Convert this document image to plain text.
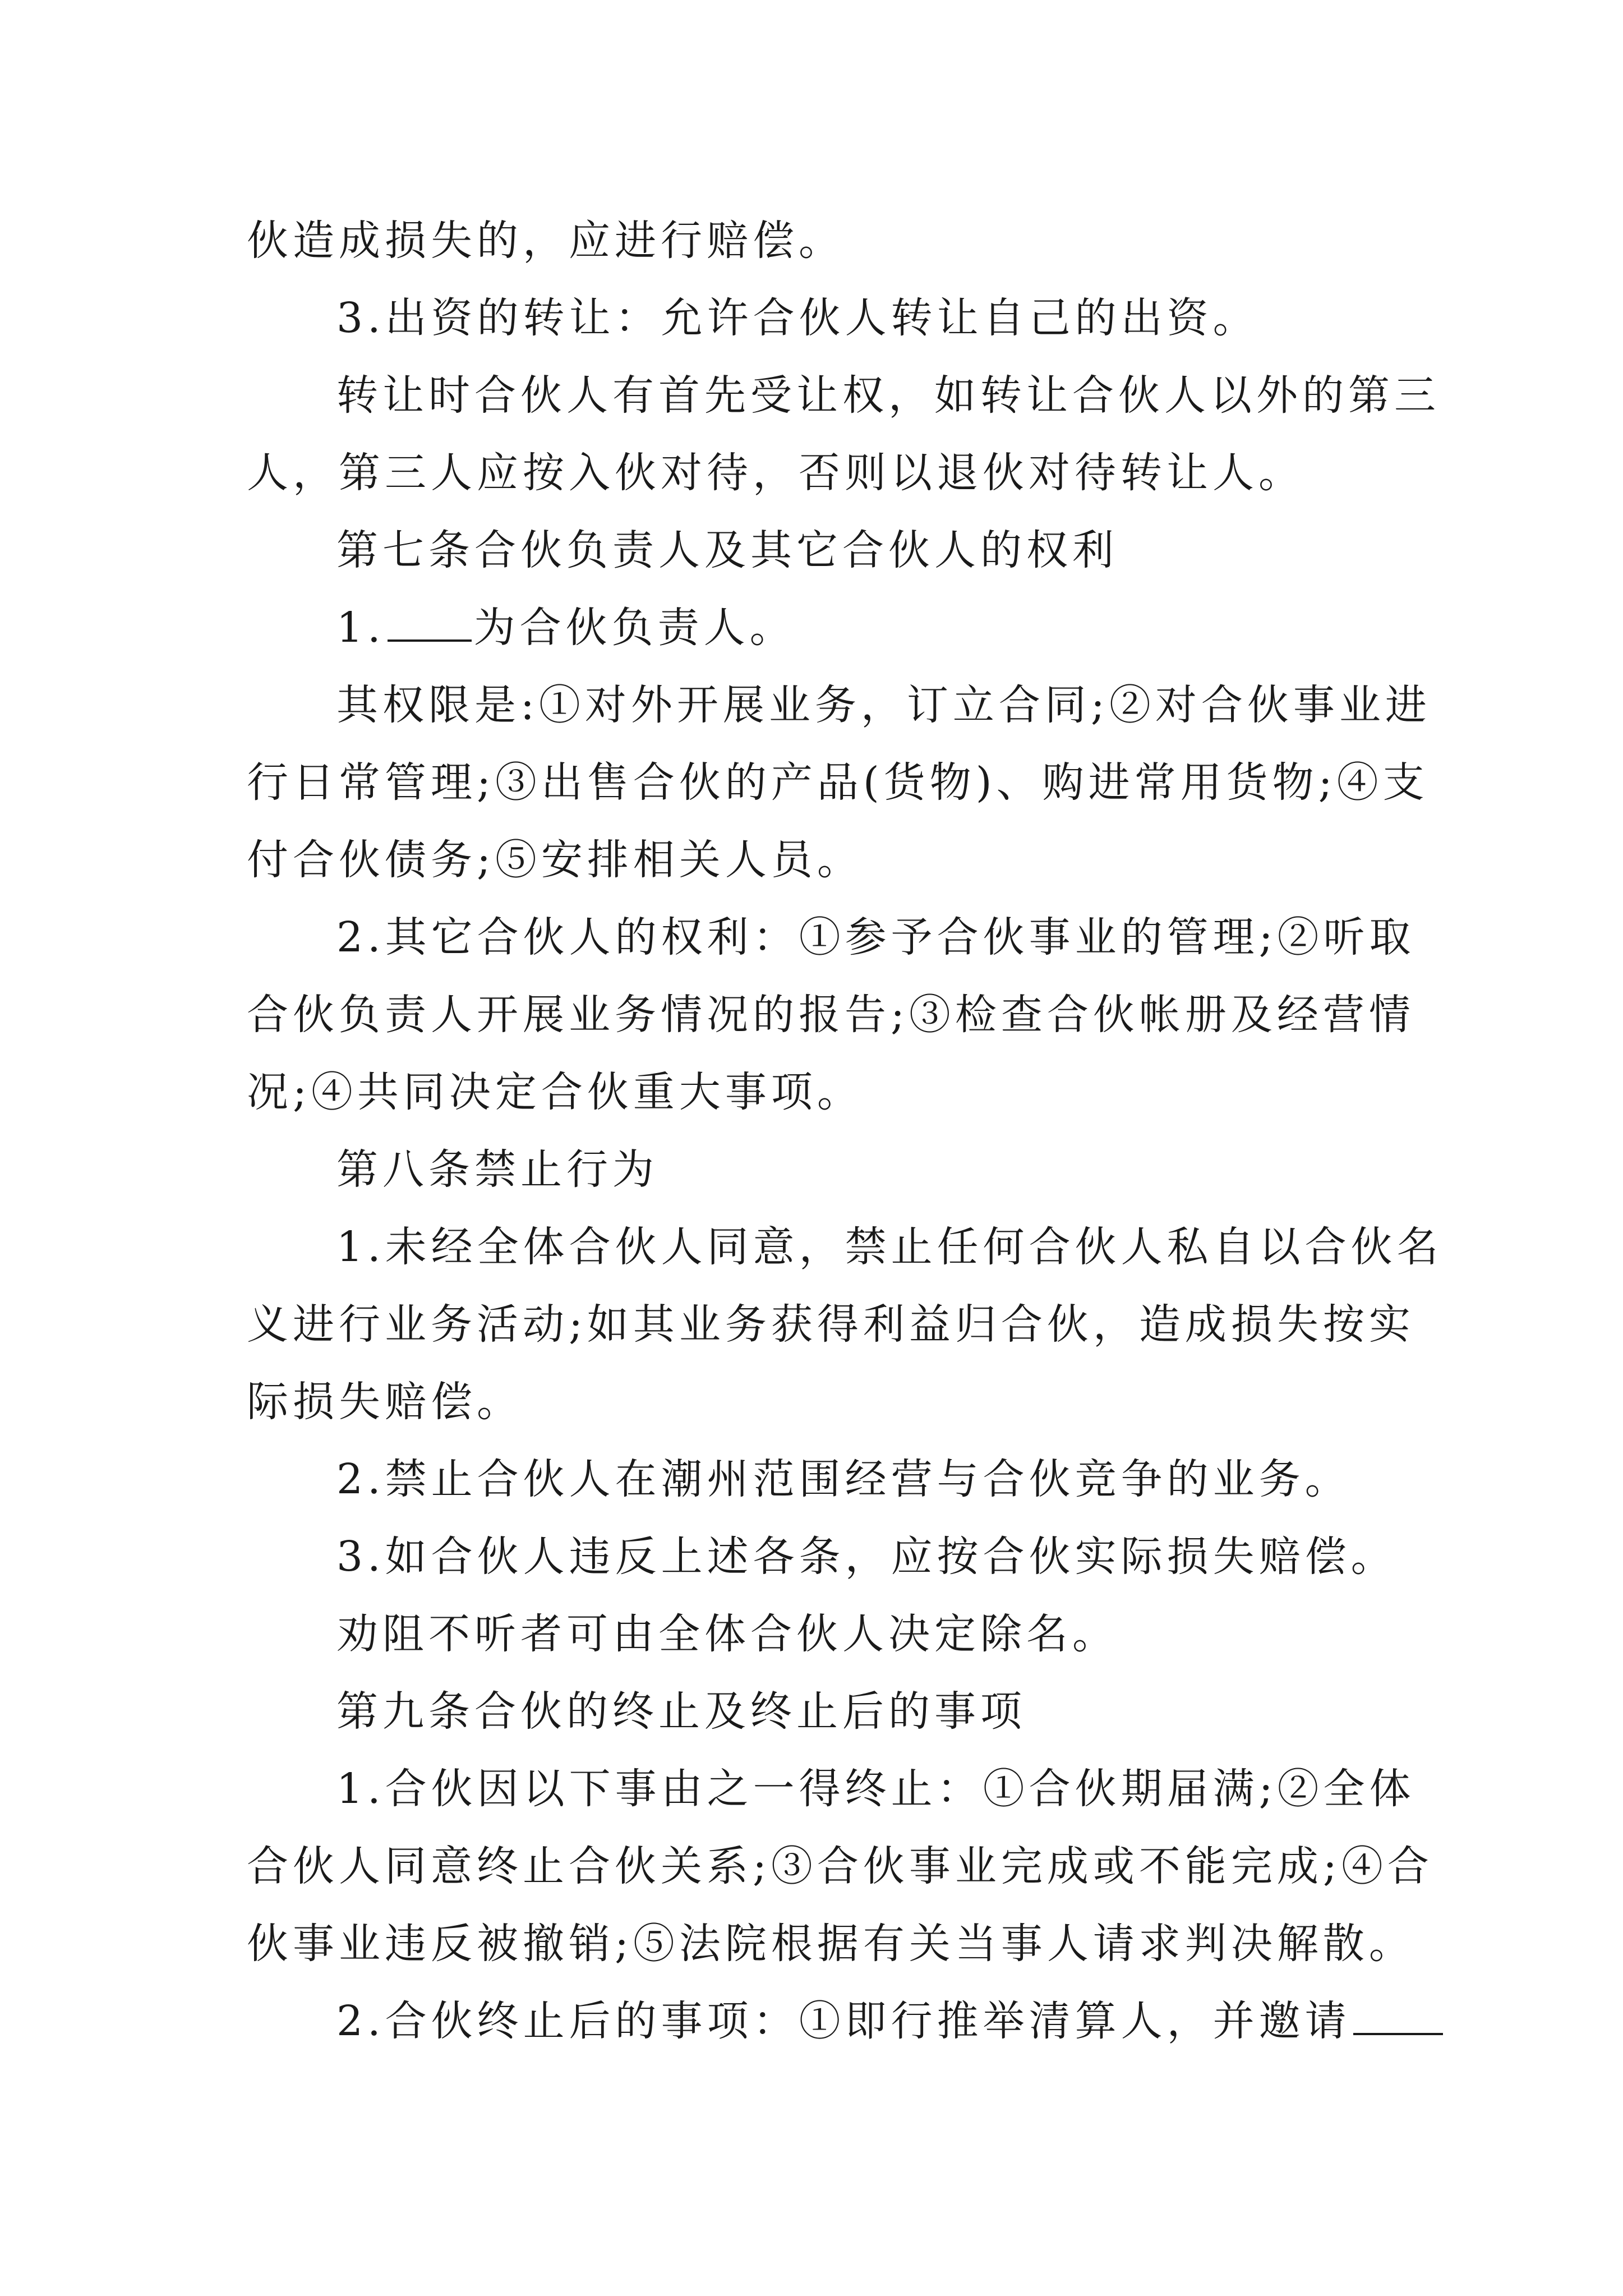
伙造成损失的，应进行赔偿。
3.出资的转让：允许合伙人转让自己的出资。
转让时合伙人有首先受让权，如转让合伙人以外的第三
人，第三人应按入伙对待，否则以退伙对待转让人。
第七条合伙负责人及其它合伙人的权利
1. 为合伙负责人。
其权限是:①对外开展业务，订立合同;②对合伙事业进
行日常管理;③出售合伙的产品(货物)、购进常用货物;④支
付合伙债务;⑤安排相关人员。
2.其它合伙人的权利：①参予合伙事业的管理;②听取
合伙负责人开展业务情况的报告;③检查合伙帐册及经营情
况;④共同决定合伙重大事项。
第八条禁止行为
1.未经全体合伙人同意，禁止任何合伙人私自以合伙名
义进行业务活动;如其业务获得利益归合伙，造成损失按实
际损失赔偿。
2.禁止合伙人在潮州范围经营与合伙竞争的业务。
3.如合伙人违反上述各条，应按合伙实际损失赔偿。
劝阻不听者可由全体合伙人决定除名。
第九条合伙的终止及终止后的事项
1.合伙因以下事由之一得终止：①合伙期届满;②全体
合伙人同意终止合伙关系;③合伙事业完成或不能完成;④合
伙事业违反被撤销;⑤法院根据有关当事人请求判决解散。
2.合伙终止后的事项：①即行推举清算人，并邀请
